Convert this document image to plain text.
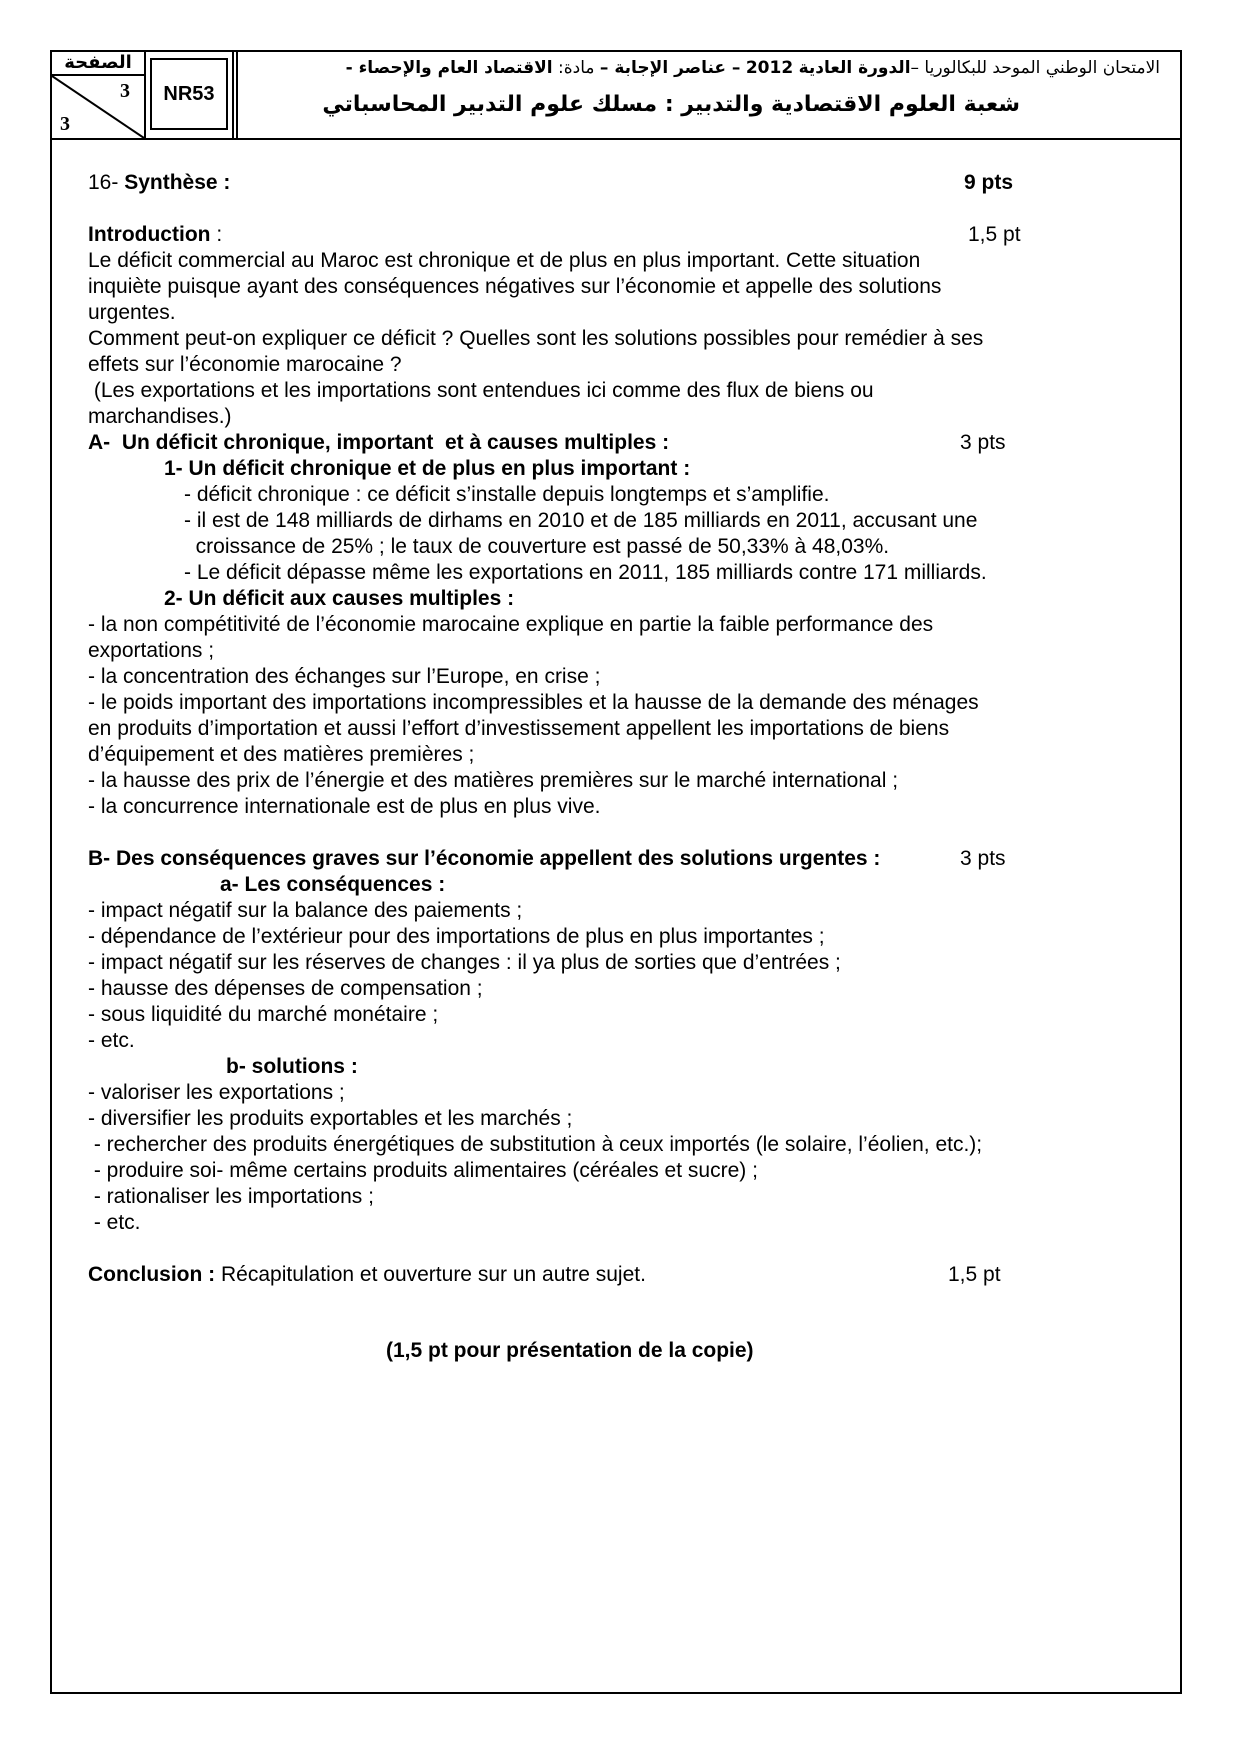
الصفحة
3
3
NR53
الامتحان الوطني الموحد للبكالوريا –الدورة العادية 2012 – عناصر الإجابة – مادة: الاقتصاد العام والإحصاء -
شعبة العلوم الاقتصادية والتدبير : مسلك علوم التدبير المحاسباتي
16- Synthèse :	9 pts
Introduction :	1,5 pt
Le déficit commercial au Maroc est chronique et de plus en plus important. Cette situation
inquiète puisque ayant des conséquences négatives sur l’économie et appelle des solutions
urgentes.
Comment peut-on expliquer ce déficit ? Quelles sont les solutions possibles pour remédier à ses
effets sur l’économie marocaine ?
(Les exportations et les importations sont entendues ici comme des flux de biens ou
marchandises.)
A-  Un déficit chronique, important  et à causes multiples :	3 pts
1- Un déficit chronique et de plus en plus important :
- déficit chronique : ce déficit s’installe depuis longtemps et s’amplifie.
- il est de 148 milliards de dirhams en 2010 et de 185 milliards en 2011, accusant une
croissance de 25% ; le taux de couverture est passé de 50,33% à 48,03%.
- Le déficit dépasse même les exportations en 2011, 185 milliards contre 171 milliards.
2- Un déficit aux causes multiples :
- la non compétitivité de l’économie marocaine explique en partie la faible performance des
exportations ;
- la concentration des échanges sur l’Europe, en crise ;
- le poids important des importations incompressibles et la hausse de la demande des ménages
en produits d’importation et aussi l’effort d’investissement appellent les importations de biens
d’équipement et des matières premières ;
- la hausse des prix de l’énergie et des matières premières sur le marché international ;
- la concurrence internationale est de plus en plus vive.
B- Des conséquences graves sur l’économie appellent des solutions urgentes :	3 pts
a- Les conséquences :
- impact négatif sur la balance des paiements ;
- dépendance de l’extérieur pour des importations de plus en plus importantes ;
- impact négatif sur les réserves de changes : il ya plus de sorties que d’entrées ;
- hausse des dépenses de compensation ;
- sous liquidité du marché monétaire ;
- etc.
b- solutions :
- valoriser les exportations ;
- diversifier les produits exportables et les marchés ;
- rechercher des produits énergétiques de substitution à ceux importés (le solaire, l’éolien, etc.);
- produire soi- même certains produits alimentaires (céréales et sucre) ;
- rationaliser les importations ;
- etc.
Conclusion : Récapitulation et ouverture sur un autre sujet.	1,5 pt
(1,5 pt pour présentation de la copie)
